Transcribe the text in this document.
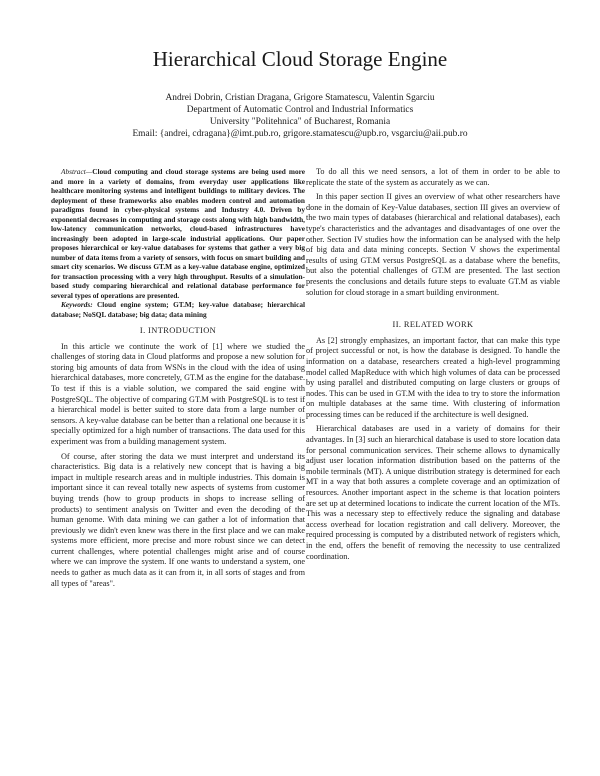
Hierarchical Cloud Storage Engine
Andrei Dobrin, Cristian Dragana, Grigore Stamatescu, Valentin Sgarciu
Department of Automatic Control and Industrial Informatics
University "Politehnica" of Bucharest, Romania
Email: {andrei, cdragana}@imt.pub.ro, grigore.stamatescu@upb.ro, vsgarciu@aii.pub.ro

Abstract—Cloud computing and cloud storage systems are being used more and more in a variety of domains, from everyday user applications like healthcare monitoring systems and intelligent buildings to military devices. The deployment of these frameworks also enables modern control and automation paradigms found in cyber-physical systems and Industry 4.0. Driven by exponential decreases in computing and storage costs along with high bandwidth, low-latency communication networks, cloud-based infrastructures have increasingly been adopted in large-scale industrial applications. Our paper proposes hierarchical or key-value databases for systems that gather a very big number of data items from a variety of sensors, with focus on smart building and smart city scenarios. We discuss GT.M as a key-value database engine, optimized for transaction processing with a very high throughput. Results of a simulation-based study comparing hierarchical and relational database performance for several types of operations are presented.

Keywords: Cloud engine system; GT.M; key-value database; hierarchical database; NoSQL database; big data; data mining

I. INTRODUCTION

In this article we continute the work of [1] where we studied the challenges of storing data in Cloud platforms and propose a new solution for storing big amounts of data from WSNs in the cloud with the idea of using hierarchical databases, more concretely, GT.M as the engine for the database. To test if this is a viable solution, we compared the said engine with PostgreSQL. The objective of comparing GT.M with PostgreSQL is to test if a hierarchical model is better suited to store data from a large number of sensors. A key-value database can be better than a relational one because it is specially optimized for a high number of transactions. The data used for this experiment was from a building management system.

Of course, after storing the data we must interpret and understand its characteristics. Big data is a relatively new concept that is having a big impact in multiple research areas and in multiple industries. This domain is important since it can reveal totally new aspects of systems from customer buying trends (how to group products in shops to increase selling of products) to sentiment analysis on Twitter and even the decoding of the human genome. With data mining we can gather a lot of information that previously we didn't even knew was there in the first place and we can make systems more efficient, more precise and more robust since we can detect current challenges, where potential challenges might arise and of course where we can improve the system. If one wants to understand a system, one needs to gather as much data as it can from it, in all sorts of stages and from all types of "areas".

To do all this we need sensors, a lot of them in order to be able to replicate the state of the system as accurately as we can.

In this paper section II gives an overview of what other researchers have done in the domain of Key-Value databases, section III gives an overview of the two main types of databases (hierarchical and relational databases), each type's characteristics and the advantages and disadvantages of one over the other. Section IV studies how the information can be analysed with the help of big data and data mining concepts. Section V shows the experimental results of using GT.M versus PostgreSQL as a database where the benefits, but also the potential challenges of GT.M are presented. The last section presents the conclusions and details future steps to evaluate GT.M as viable solution for cloud storage in a smart building environment.

II. RELATED WORK

As [2] strongly emphasizes, an important factor, that can make this type of project successful or not, is how the database is designed. To handle the information on a database, researchers created a high-level programming model called MapReduce with which high volumes of data can be processed by using parallel and distributed computing on large clusters or groups of nodes. This can be used in GT.M with the idea to try to store the information on multiple databases at the same time. With clustering of information processing times can be reduced if the architecture is well designed.

Hierarchical databases are used in a variety of domains for their advantages. In [3] such an hierarchical database is used to store location data for personal communication services. Their scheme allows to dynamically adjust user location information distribution based on the patterns of the mobile terminals (MT). A unique distribution strategy is determined for each MT in a way that both assures a complete coverage and an optimization of resources. Another important aspect in the scheme is that location pointers are set up at determined locations to indicate the current location of the MTs. This was a necessary step to effectively reduce the signaling and database access overhead for location registration and call delivery. Moreover, the required processing is computed by a distributed network of registers which, in the end, offers the benefit of removing the necessity to use centralized coordination.
